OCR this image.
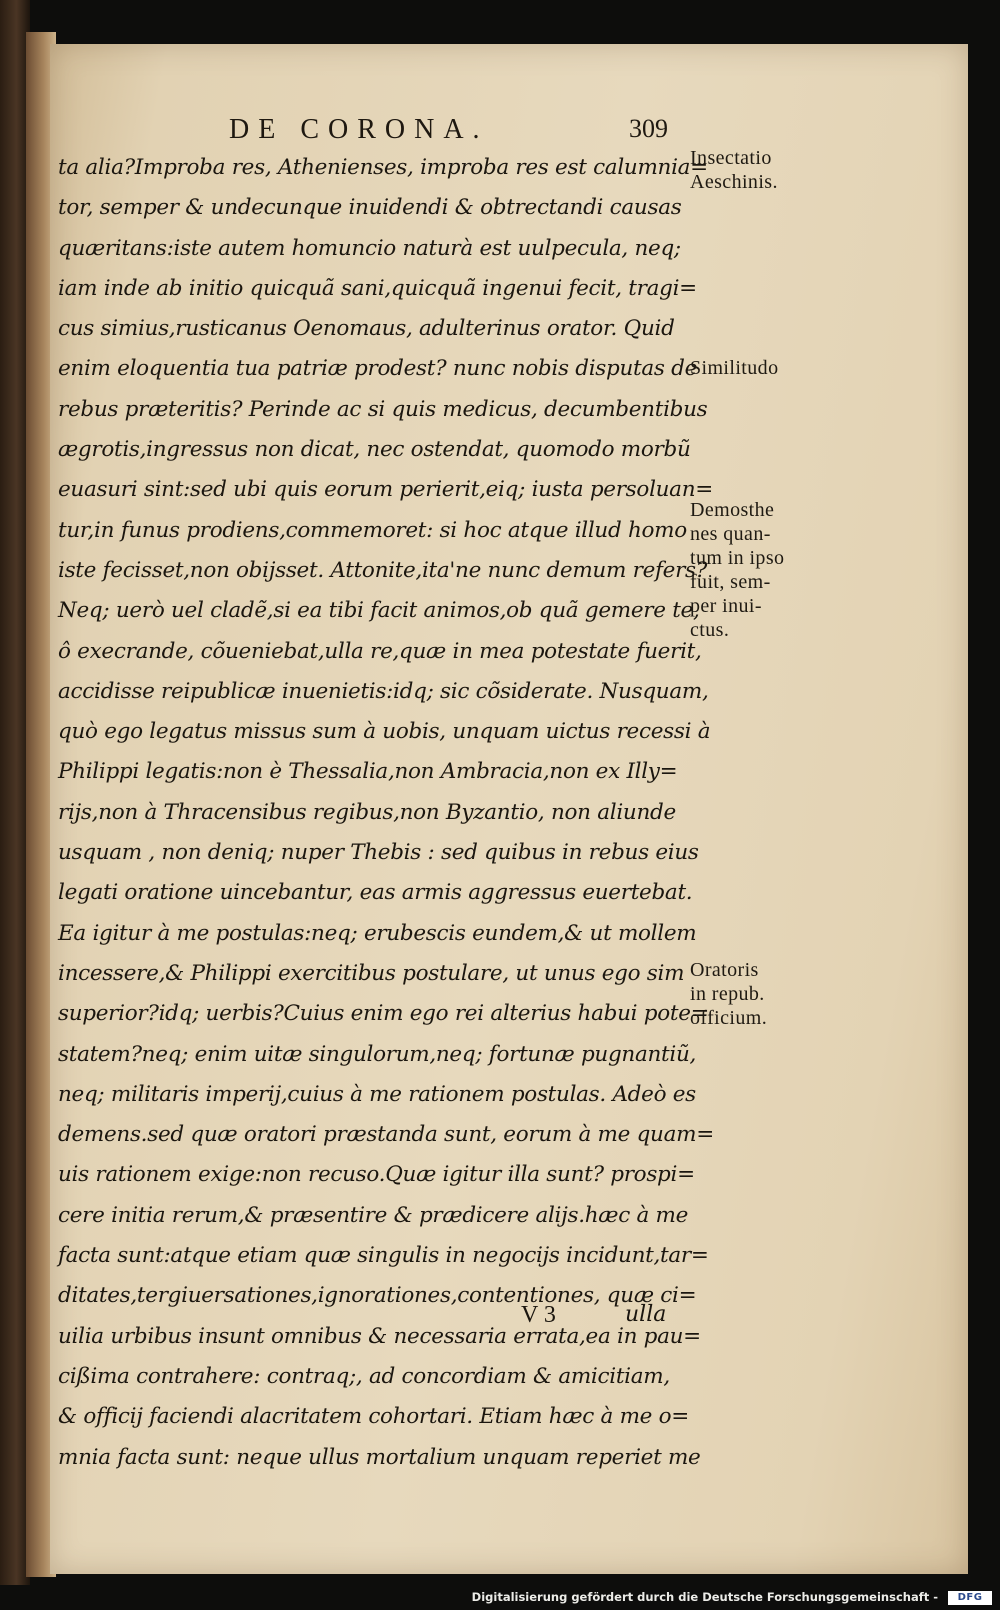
DE CORONA.	309
ta alia?Improba res, Athenienses, improba res est calumnia=
tor, semper & undecunque inuidendi & obtrectandi causas
quæritans:iste autem homuncio naturà est uulpecula, neq;
iam inde ab initio quicquã sani,quicquã ingenui fecit, tragi=
cus simius,rusticanus Oenomaus, adulterinus orator. Quid
enim eloquentia tua patriæ prodest? nunc nobis disputas de
rebus præteritis? Perinde ac si quis medicus, decumbentibus
ægrotis,ingressus non dicat, nec ostendat, quomodo morbũ
euasuri sint:sed ubi quis eorum perierit,eiq; iusta persoluan=
tur,in funus prodiens,commemoret: si hoc atque illud homo
iste fecisset,non obijsset. Attonite,ita'ne nunc demum refers?
Neq; uerò uel cladẽ,si ea tibi facit animos,ob quã gemere te,
ô execrande, cõueniebat,ulla re,quæ in mea potestate fuerit,
accidisse reipublicæ inuenietis:idq; sic cõsiderate. Nusquam,
quò ego legatus missus sum à uobis, unquam uictus recessi à
Philippi legatis:non è Thessalia,non Ambracia,non ex Illy=
rijs,non à Thracensibus regibus,non Byzantio, non aliunde
usquam , non deniq; nuper Thebis : sed quibus in rebus eius
legati oratione uincebantur, eas armis aggressus euertebat.
Ea igitur à me postulas:neq; erubescis eundem,& ut mollem
incessere,& Philippi exercitibus postulare, ut unus ego sim
superior?idq; uerbis?Cuius enim ego rei alterius habui pote=
statem?neq; enim uitæ singulorum,neq; fortunæ pugnantiũ,
neq; militaris imperij,cuius à me rationem postulas. Adeò es
demens.sed quæ oratori præstanda sunt, eorum à me quam=
uis rationem exige:non recuso.Quæ igitur illa sunt? prospi=
cere initia rerum,& præsentire & prædicere alijs.hæc à me
facta sunt:atque etiam quæ singulis in negocijs incidunt,tar=
ditates,tergiuersationes,ignorationes,contentiones, quæ ci=
uilia urbibus insunt omnibus & necessaria errata,ea in pau=
cißima contrahere: contraq;, ad concordiam & amicitiam,
& officij faciendi alacritatem cohortari. Etiam hæc à me o=
mnia facta sunt: neque ullus mortalium unquam reperiet me
Insectatio
Aeschinis.
Similitudo
Demosthe
nes quan-
tum in ipso
fuit, sem-
per inui-
ctus.
Oratoris
in repub.
officium.
V 3	ulla
Digitalisierung gefördert durch die Deutsche Forschungsgemeinschaft -	DFG
